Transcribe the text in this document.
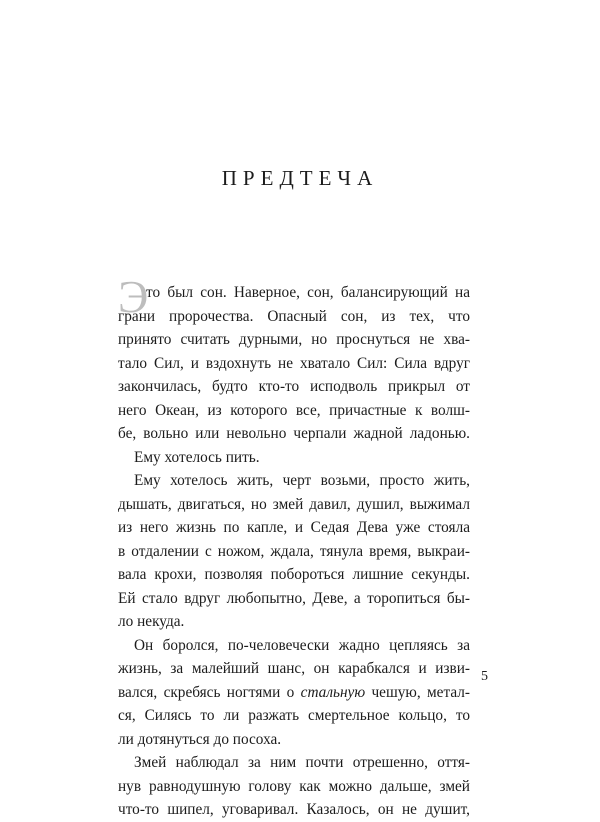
ПРЕДТЕЧА
Э
то был сон. Наверное, сон, балансирующий на
грани пророчества. Опасный сон, из тех, что
принято считать дурными, но проснуться не хва-
тало Сил, и вздохнуть не хватало Сил: Сила вдруг
закончилась, будто кто-то исподволь прикрыл от
него Океан, из которого все, причастные к волш-
бе, вольно или невольно черпали жадной ладонью.
Ему хотелось пить.
Ему хотелось жить, черт возьми, просто жить,
дышать, двигаться, но змей давил, душил, выжимал
из него жизнь по капле, и Седая Дева уже стояла
в отдалении с ножом, ждала, тянула время, выкраи-
вала крохи, позволяя побороться лишние секунды.
Ей стало вдруг любопытно, Деве, а торопиться бы-
ло некуда.
Он боролся, по-человечески жадно цепляясь за
жизнь, за малейший шанс, он карабкался и изви-
вался, скребясь ногтями о стальную чешую, метал-
ся, Силясь то ли разжать смертельное кольцо, то
ли дотянуться до посоха.
Змей наблюдал за ним почти отрешенно, оття-
нув равнодушную голову как можно дальше, змей
что-то шипел, уговаривал. Казалось, он не душит,
5
